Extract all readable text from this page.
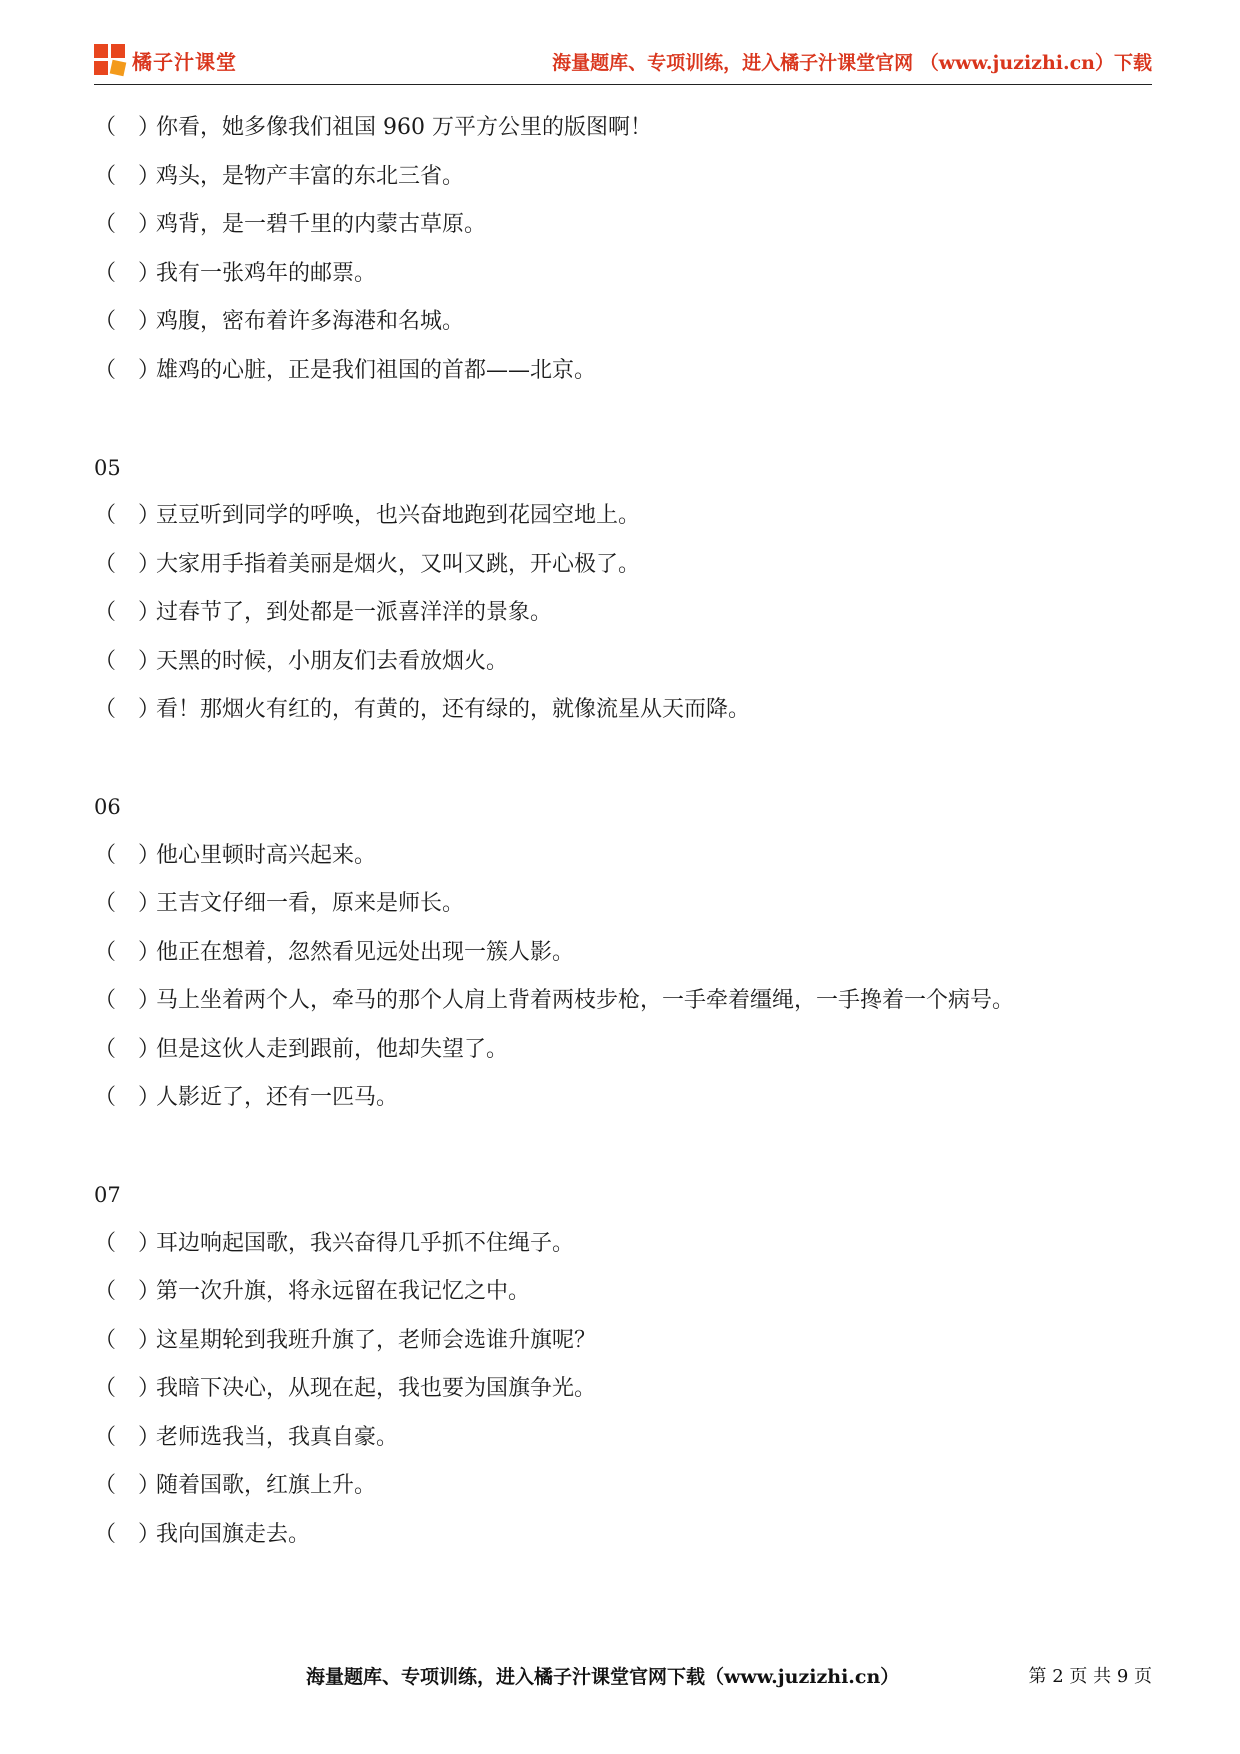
橘子汁课堂	海量题库、专项训练，进入橘子汁课堂官网 （www.juzizhi.cn）下载
（　）
你看，她多像我们祖国 960 万平方公里的版图啊！
（　）
鸡头，是物产丰富的东北三省。
（　）
鸡背，是一碧千里的内蒙古草原。
（　）
我有一张鸡年的邮票。
（　）
鸡腹，密布着许多海港和名城。
（　）
雄鸡的心脏，正是我们祖国的首都——北京。
05
（　）
豆豆听到同学的呼唤，也兴奋地跑到花园空地上。
（　）
大家用手指着美丽是烟火，又叫又跳，开心极了。
（　）
过春节了，到处都是一派喜洋洋的景象。
（　）
天黑的时候，小朋友们去看放烟火。
（　）
看！那烟火有红的，有黄的，还有绿的，就像流星从天而降。
06
（　）
他心里顿时高兴起来。
（　）
王吉文仔细一看，原来是师长。
（　）
他正在想着，忽然看见远处出现一簇人影。
（　）
马上坐着两个人，牵马的那个人肩上背着两枝步枪，一手牵着缰绳，一手搀着一个病号。
（　）
但是这伙人走到跟前，他却失望了。
（　）
人影近了，还有一匹马。
07
（　）
耳边响起国歌，我兴奋得几乎抓不住绳子。
（　）
第一次升旗，将永远留在我记忆之中。
（　）
这星期轮到我班升旗了，老师会选谁升旗呢？
（　）
我暗下决心，从现在起，我也要为国旗争光。
（　）
老师选我当，我真自豪。
（　）
随着国歌，红旗上升。
（　）
我向国旗走去。
海量题库、专项训练，进入橘子汁课堂官网下载（www.juzizhi.cn）	第 2 页 共 9 页
